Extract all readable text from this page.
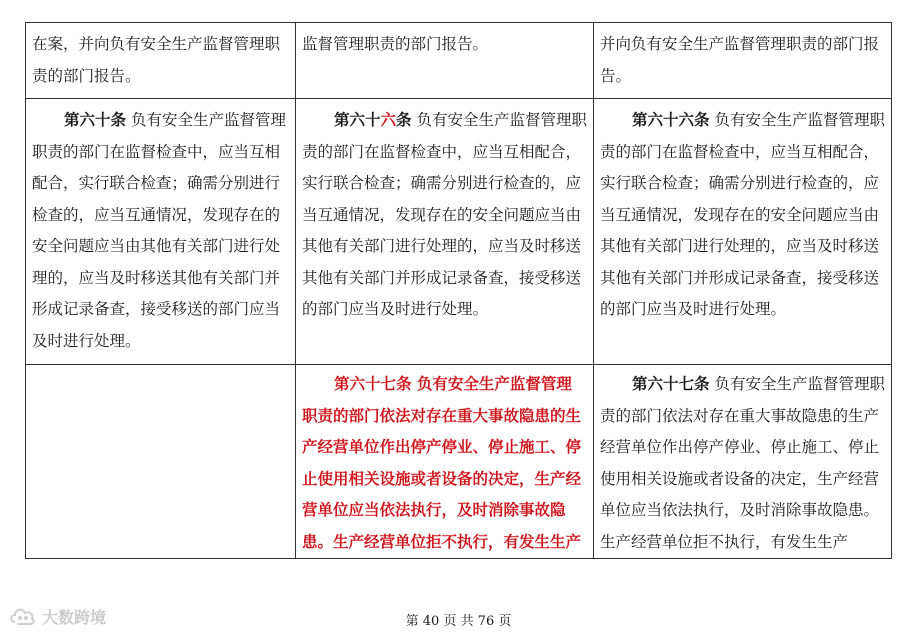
在案，并向负有安全生产监督管理职责的部门报告。	监督管理职责的部门报告。	并向负有安全生产监督管理职责的部门报告。
第六十条 负有安全生产监督管理职责的部门在监督检查中，应当互相配合，实行联合检查；确需分别进行检查的，应当互通情况，发现存在的安全问题应当由其他有关部门进行处理的，应当及时移送其他有关部门并形成记录备查，接受移送的部门应当及时进行处理。	第六十六条 负有安全生产监督管理职责的部门在监督检查中，应当互相配合，实行联合检查；确需分别进行检查的，应当互通情况，发现存在的安全问题应当由其他有关部门进行处理的，应当及时移送其他有关部门并形成记录备查，接受移送的部门应当及时进行处理。	第六十六条 负有安全生产监督管理职责的部门在监督检查中，应当互相配合，实行联合检查；确需分别进行检查的，应当互通情况，发现存在的安全问题应当由其他有关部门进行处理的，应当及时移送其他有关部门并形成记录备查，接受移送的部门应当及时进行处理。
	第六十七条 负有安全生产监督管理职责的部门依法对存在重大事故隐患的生产经营单位作出停产停业、停止施工、停止使用相关设施或者设备的决定，生产经营单位应当依法执行，及时消除事故隐患。生产经营单位拒不执行，有发生生产	第六十七条 负有安全生产监督管理职责的部门依法对存在重大事故隐患的生产经营单位作出停产停业、停止施工、停止使用相关设施或者设备的决定，生产经营单位应当依法执行，及时消除事故隐患。生产经营单位拒不执行，有发生生产
大数跨境	第 40 页 共 76 页
